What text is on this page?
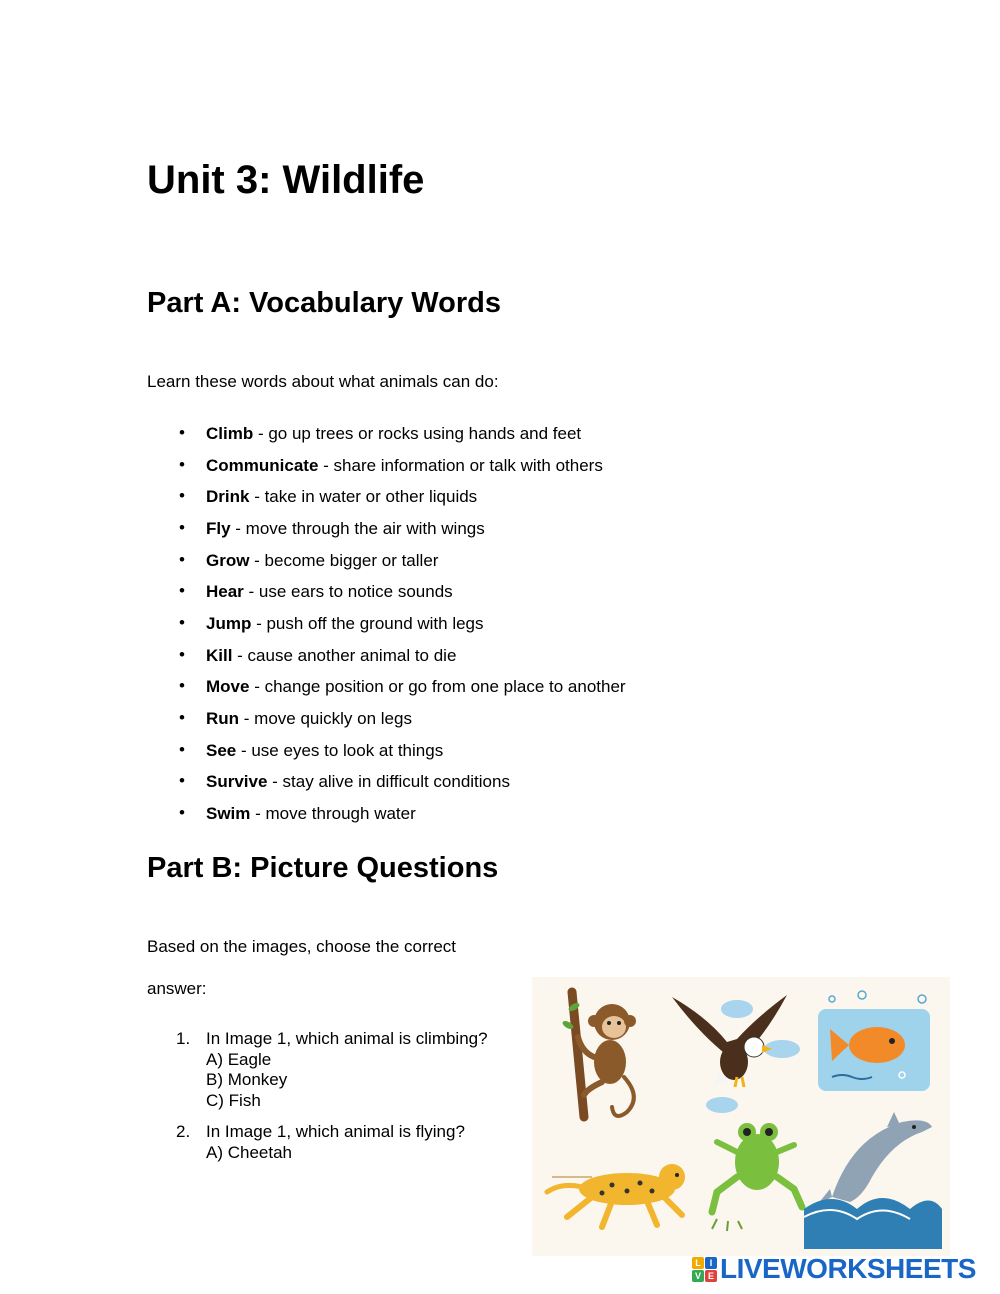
Unit 3: Wildlife
Part A: Vocabulary Words
Learn these words about what animals can do:
• Climb - go up trees or rocks using hands and feet
• Communicate - share information or talk with others
• Drink - take in water or other liquids
• Fly - move through the air with wings
• Grow - become bigger or taller
• Hear - use ears to notice sounds
• Jump - push off the ground with legs
• Kill - cause another animal to die
• Move - change position or go from one place to another
• Run - move quickly on legs
• See - use eyes to look at things
• Survive - stay alive in difficult conditions
• Swim - move through water
Part B: Picture Questions
Based on the images, choose the correct
answer:
1. In Image 1, which animal is climbing?
A) Eagle
B) Monkey
C) Fish
2. In Image 1, which animal is flying?
A) Cheetah
L I
V E LIVEWORKSHEETS
